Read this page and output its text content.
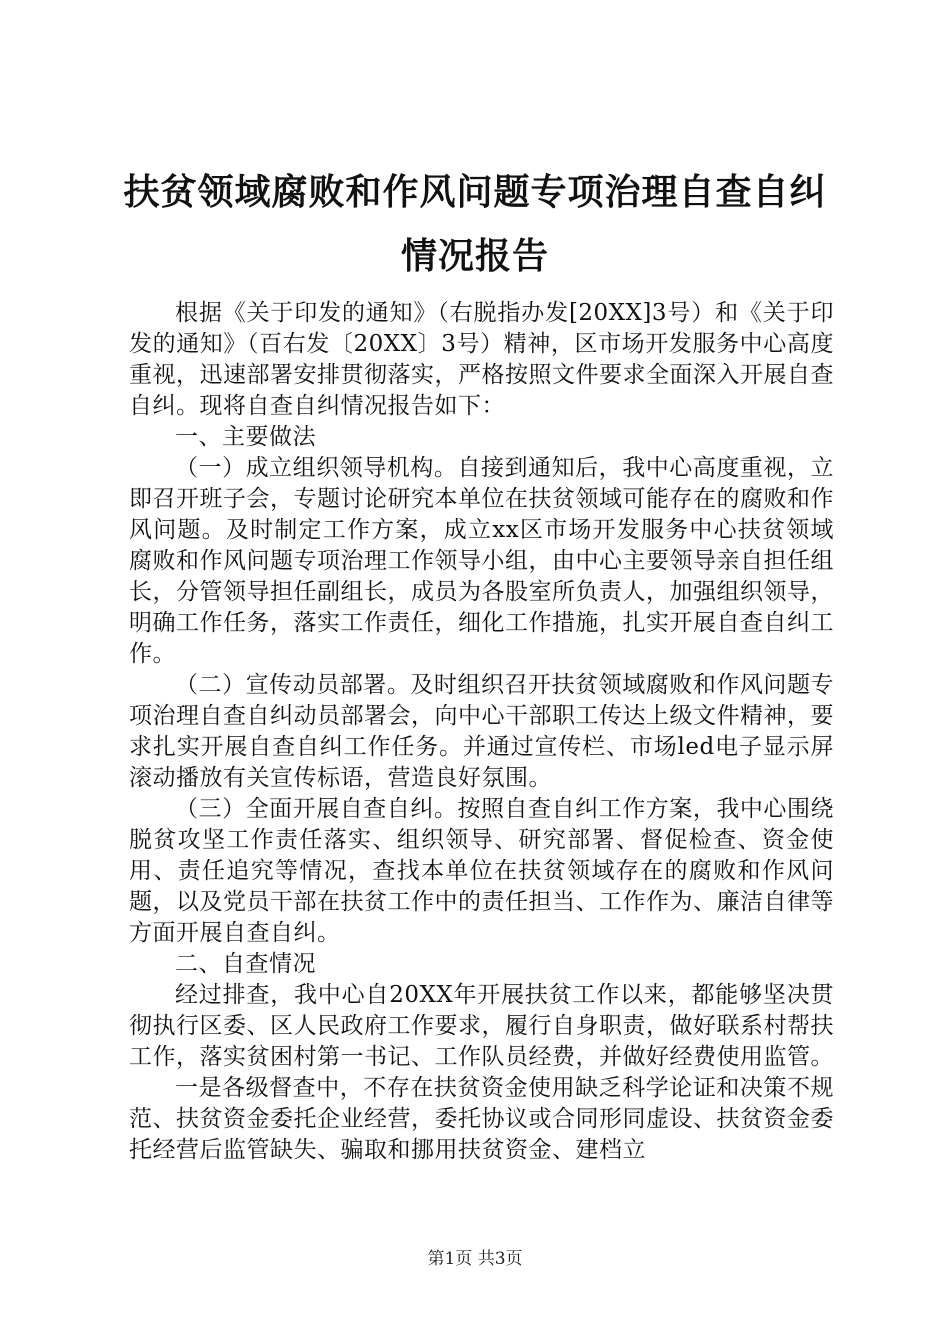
扶贫领域腐败和作风问题专项治理自查自纠情况报告

根据《关于印发的通知》（右脱指办发[20XX]3号）和《关于印发的通知》（百右发〔20XX〕3号）精神，区市场开发服务中心高度重视，迅速部署安排贯彻落实，严格按照文件要求全面深入开展自查自纠。现将自查自纠情况报告如下：

一、主要做法

（一）成立组织领导机构。自接到通知后，我中心高度重视，立即召开班子会，专题讨论研究本单位在扶贫领域可能存在的腐败和作风问题。及时制定工作方案，成立xx区市场开发服务中心扶贫领域腐败和作风问题专项治理工作领导小组，由中心主要领导亲自担任组长，分管领导担任副组长，成员为各股室所负责人，加强组织领导，明确工作任务，落实工作责任，细化工作措施，扎实开展自查自纠工作。

（二）宣传动员部署。及时组织召开扶贫领域腐败和作风问题专项治理自查自纠动员部署会，向中心干部职工传达上级文件精神，要求扎实开展自查自纠工作任务。并通过宣传栏、市场led电子显示屏滚动播放有关宣传标语，营造良好氛围。

（三）全面开展自查自纠。按照自查自纠工作方案，我中心围绕脱贫攻坚工作责任落实、组织领导、研究部署、督促检查、资金使用、责任追究等情况，查找本单位在扶贫领域存在的腐败和作风问题，以及党员干部在扶贫工作中的责任担当、工作作为、廉洁自律等方面开展自查自纠。

二、自查情况

经过排查，我中心自20XX年开展扶贫工作以来，都能够坚决贯彻执行区委、区人民政府工作要求，履行自身职责，做好联系村帮扶工作，落实贫困村第一书记、工作队员经费，并做好经费使用监管。

一是各级督查中，不存在扶贫资金使用缺乏科学论证和决策不规范、扶贫资金委托企业经营，委托协议或合同形同虚设、扶贫资金委托经营后监管缺失、骗取和挪用扶贫资金、建档立

第1页 共3页
